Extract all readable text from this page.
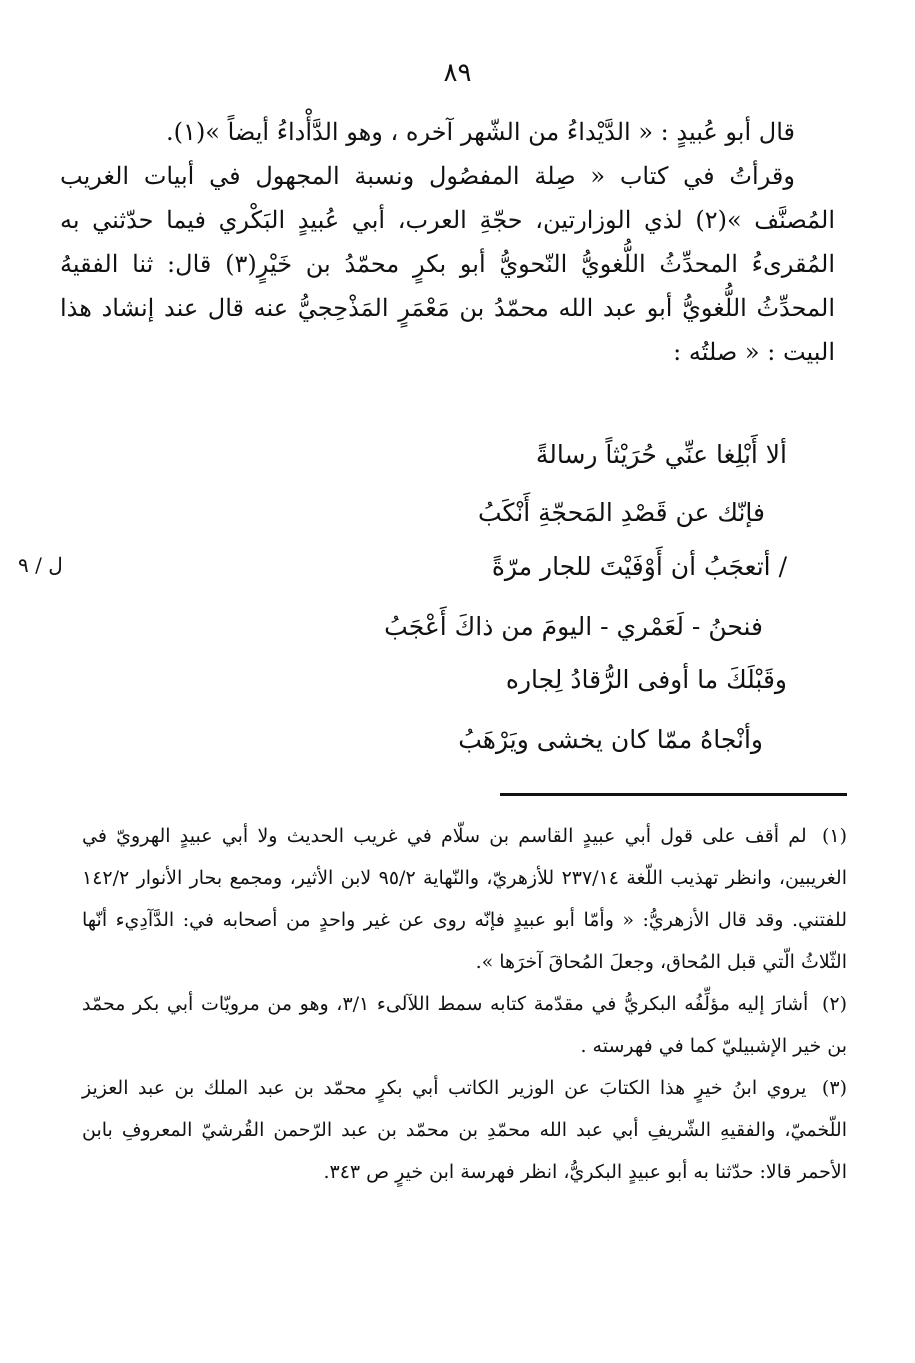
٨٩

قال أبو عُبيدٍ : « الدَّيْداءُ من الشّهر آخره ، وهو الدَّأْداءُ أيضاً »(١).

وقرأتُ في كتاب « صِلة المفصُول ونسبة المجهول في أبيات الغريب المُصنَّف »(٢) لذي الوزارتين، حجّةِ العرب، أبي عُبيدٍ البَكْري فيما حدّثني به المُقرىءُ المحدِّثُ اللُّغويُّ النّحويُّ أبو بكرٍ محمّدُ بن خَيْرٍ(٣) قال: ثنا الفقيهُ المحدِّثُ اللُّغويُّ أبو عبد الله محمّدُ بن مَعْمَرٍ المَذْحِجيُّ عنه قال عند إنشاد هذا البيت : « صلتُه :

ألا أَبْلِغا عنِّي حُرَيْثاً رسالةً
فإنّك عن قَصْدِ المَحجّةِ أَنْكَبُ
/ أتعجَبُ أن أَوْفَيْتَ للجار مرّةً
فنحنُ - لَعَمْري - اليومَ من ذاكَ أَعْجَبُ
وقَبْلَكَ ما أوفى الرُّقادُ لِجاره
وأنْجاهُ ممّا كان يخشى ويَرْهَبُ
ل / ٩

(١) لم أقف على قول أبي عبيدٍ القاسم بن سلّام في غريب الحديث ولا أبي عبيدٍ الهرويّ في الغريبين، وانظر تهذيب اللّغة ٢٣٧/١٤ للأزهريّ، والنّهاية ٩٥/٢ لابن الأثير، ومجمع بحار الأنوار ١٤٢/٢ للفتني. وقد قال الأزهريُّ: « وأمّا أبو عبيدٍ فإنّه روى عن غير واحدٍ من أصحابه في: الدَّآدِيء أنّها الثّلاثُ الّتي قبل المُحاق، وجعلَ المُحاقَ آخرَها ».

(٢) أشارَ إليه مؤلِّفُه البكريُّ في مقدّمة كتابه سمط اللآلىء ٣/١، وهو من مرويّات أبي بكر محمّد بن خير الإشبيليّ كما في فهرسته .

(٣) يروي ابنُ خيرٍ هذا الكتابَ عن الوزير الكاتب أبي بكرٍ محمّد بن عبد الملك بن عبد العزيز اللّخميّ، والفقيهِ الشّريفِ أبي عبد الله محمّدِ بن محمّد بن عبد الرّحمن القُرشيّ المعروفِ بابن الأحمر قالا: حدّثنا به أبو عبيدٍ البكريُّ، انظر فهرسة ابن خيرٍ ص ٣٤٣.
